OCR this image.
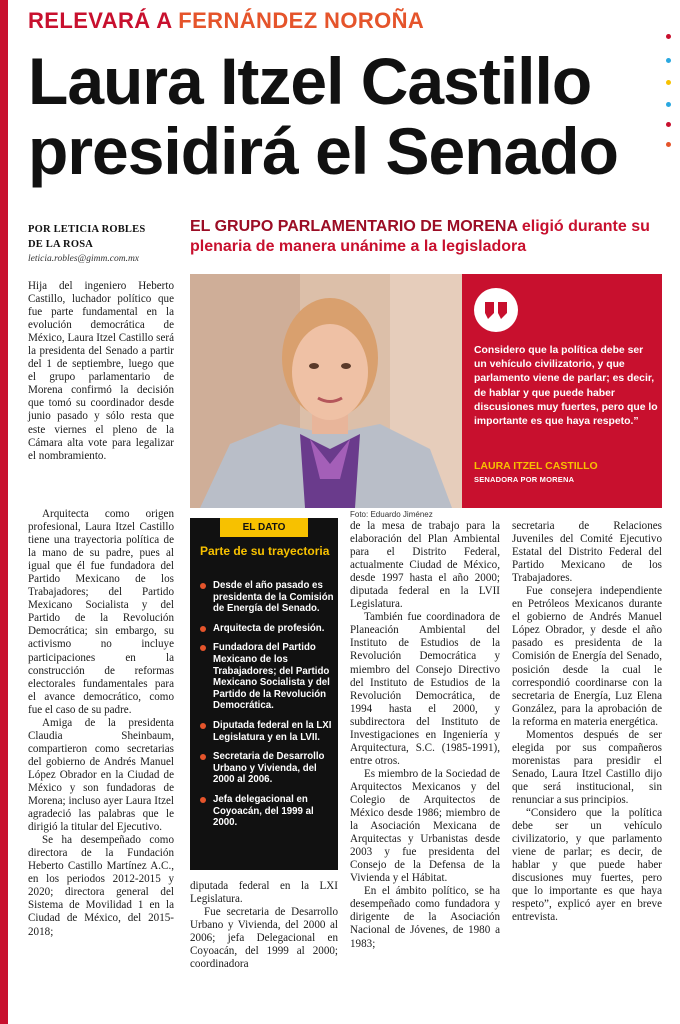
RELEVARÁ A FERNÁNDEZ NOROÑA
Laura Itzel Castillo
presidirá el Senado
POR LETICIA ROBLES
DE LA ROSA
leticia.robles@gimm.com.mx
EL GRUPO PARLAMENTARIO DE MORENA eligió durante su plenaria de manera unánime a la legisladora
Foto: Eduardo Jiménez
Considero que la política debe ser un vehículo civilizatorio, y que parlamento viene de parlar; es decir, de hablar y que puede haber discusiones muy fuertes, pero que lo importante es que haya respeto.”
LAURA ITZEL CASTILLO
SENADORA POR MORENA

Hija del ingeniero Heberto Castillo, luchador político que fue parte fundamental en la evolución democrática de México, Laura Itzel Castillo será la presidenta del Senado a partir del 1 de septiembre, luego que el grupo parlamentario de Morena confirmó la decisión que tomó su coordinador desde junio pasado y sólo resta que este viernes el pleno de la Cámara alta vote para legalizar el nombramiento.

Arquitecta como origen profesional, Laura Itzel Castillo tiene una trayectoria política de la mano de su padre, pues al igual que él fue fundadora del Partido Mexicano de los Trabajadores; del Partido Mexicano Socialista y del Partido de la Revolución Democrática; sin embargo, su activismo no incluye participaciones en la construcción de reformas electorales fundamentales para el avance democrático, como fue el caso de su padre.

Amiga de la presidenta Claudia Sheinbaum, compartieron como secretarias del gobierno de Andrés Manuel López Obrador en la Ciudad de México y son fundadoras de Morena; incluso ayer Laura Itzel agradeció las palabras que le dirigió la titular del Ejecutivo.

Se ha desempeñado como directora de la Fundación Heberto Castillo Martínez A.C., en los periodos 2012-2015 y 2020; directora general del Sistema de Movilidad 1 en la Ciudad de México, del 2015-2018;

EL DATO
Parte de su trayectoria
Desde el año pasado es presidenta de la Comisión de Energía del Senado.
Arquitecta de profesión.
Fundadora del Partido Mexicano de los Trabajadores; del Partido Mexicano Socialista y del Partido de la Revolución Democrática.
Diputada federal en la LXI Legislatura y en la LVII.
Secretaria de Desarrollo Urbano y Vivienda, del 2000 al 2006.
Jefa delegacional en Coyoacán, del 1999 al 2000.

diputada federal en la LXI Legislatura.

Fue secretaria de Desarrollo Urbano y Vivienda, del 2000 al 2006; jefa Delegacional en Coyoacán, del 1999 al 2000; coordinadora

de la mesa de trabajo para la elaboración del Plan Ambiental para el Distrito Federal, actualmente Ciudad de México, desde 1997 hasta el año 2000; diputada federal en la LVII Legislatura.

También fue coordinadora de Planeación Ambiental del Instituto de Estudios de la Revolución Democrática y miembro del Consejo Directivo del Instituto de Estudios de la Revolución Democrática, de 1994 hasta el 2000, y subdirectora del Instituto de Investigaciones en Ingeniería y Arquitectura, S.C. (1985-1991), entre otros.

Es miembro de la Sociedad de Arquitectos Mexicanos y del Colegio de Arquitectos de México desde 1986; miembro de la Asociación Mexicana de Arquitectas y Urbanistas desde 2003 y fue presidenta del Consejo de la Defensa de la Vivienda y el Hábitat.

En el ámbito político, se ha desempeñado como fundadora y dirigente de la Asociación Nacional de Jóvenes, de 1980 a 1983;

secretaria de Relaciones Juveniles del Comité Ejecutivo Estatal del Distrito Federal del Partido Mexicano de los Trabajadores.

Fue consejera independiente en Petróleos Mexicanos durante el gobierno de Andrés Manuel López Obrador, y desde el año pasado es presidenta de la Comisión de Energía del Senado, posición desde la cual le correspondió coordinarse con la secretaria de Energía, Luz Elena González, para la aprobación de la reforma en materia energética.

Momentos después de ser elegida por sus compañeros morenistas para presidir el Senado, Laura Itzel Castillo dijo que será institucional, sin renunciar a sus principios.

“Considero que la política debe ser un vehículo civilizatorio, y que parlamento viene de parlar; es decir, de hablar y que puede haber discusiones muy fuertes, pero que lo importante es que haya respeto”, explicó ayer en breve entrevista.
